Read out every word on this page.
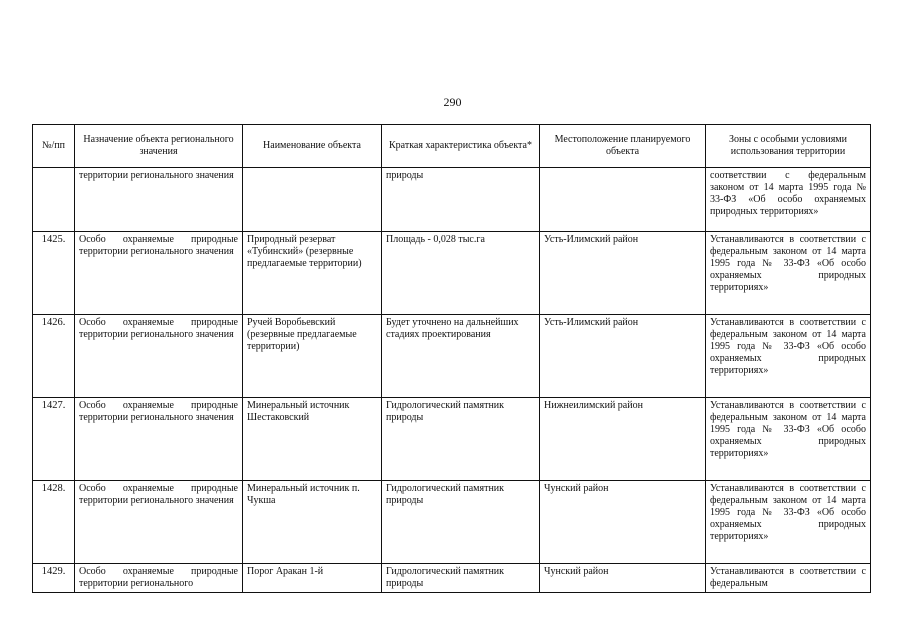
290
№/пп	Назначение объекта регионального значения	Наименование объекта	Краткая характеристика объекта*	Местоположение планируемого объекта	Зоны с особыми условиями использования территории
	территории регионального значения		природы		соответствии с федеральным законом от 14 марта 1995 года № 33-ФЗ «Об особо охраняемых природных территориях»
1425.	Особо охраняемые природные территории регионального значения	Природный резерват «Тубинский» (резервные предлагаемые территории)	Площадь - 0,028 тыс.га	Усть-Илимский район	Устанавливаются в соответствии с федеральным законом от 14 марта 1995 года № 33-ФЗ «Об особо охраняемых природных территориях»
1426.	Особо охраняемые природные территории регионального значения	Ручей Воробьевский (резервные предлагаемые территории)	Будет уточнено на дальнейших стадиях проектирования	Усть-Илимский район	Устанавливаются в соответствии с федеральным законом от 14 марта 1995 года № 33-ФЗ «Об особо охраняемых природных территориях»
1427.	Особо охраняемые природные территории регионального значения	Минеральный источник Шестаковский	Гидрологический памятник природы	Нижнеилимский район	Устанавливаются в соответствии с федеральным законом от 14 марта 1995 года № 33-ФЗ «Об особо охраняемых природных территориях»
1428.	Особо охраняемые природные территории регионального значения	Минеральный источник п. Чукша	Гидрологический памятник природы	Чунский район	Устанавливаются в соответствии с федеральным законом от 14 марта 1995 года № 33-ФЗ «Об особо охраняемых природных территориях»
1429.	Особо охраняемые природные территории регионального	Порог Аракан 1-й	Гидрологический памятник природы	Чунский район	Устанавливаются в соответствии с федеральным
